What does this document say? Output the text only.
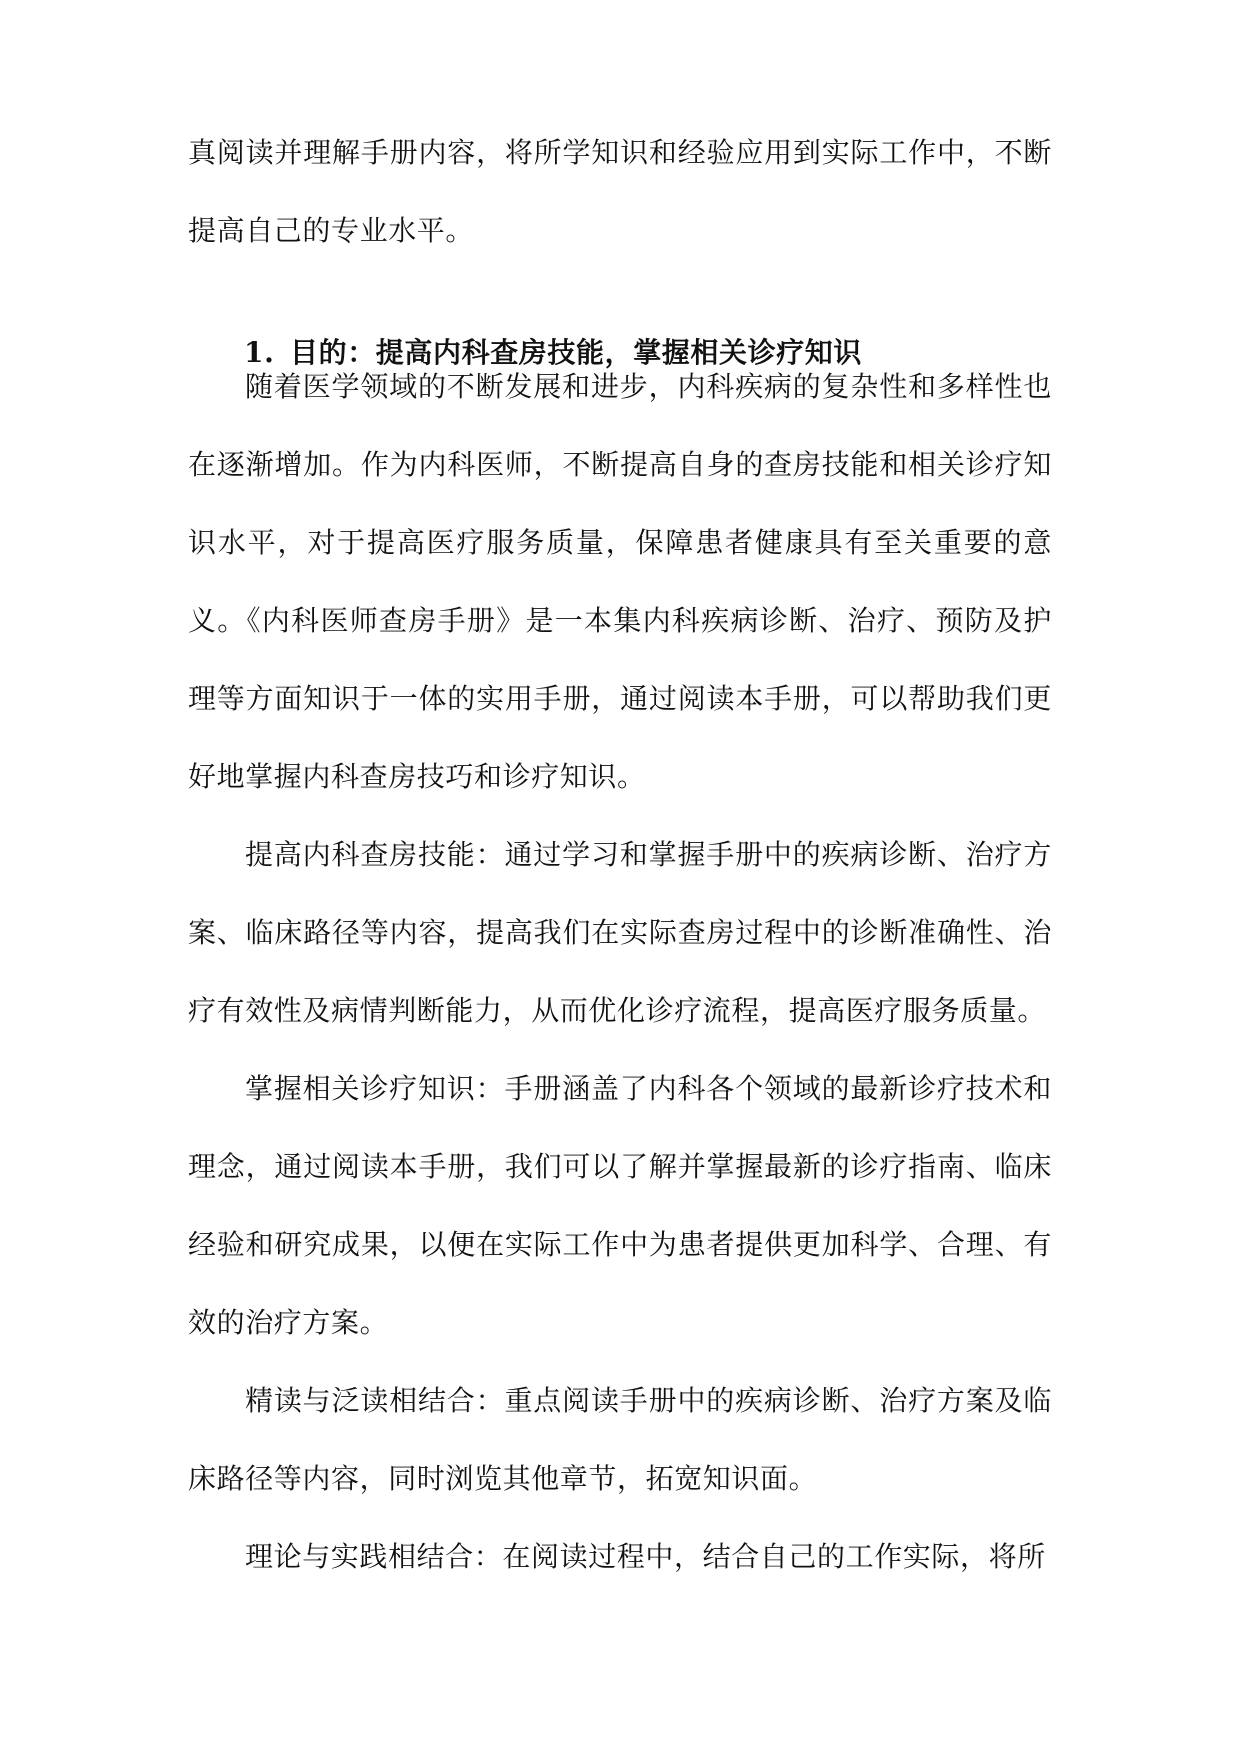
真阅读并理解手册内容，将所学知识和经验应用到实际工作中，不断提高自己的专业水平。

1. 目的：提高内科查房技能，掌握相关诊疗知识

随着医学领域的不断发展和进步，内科疾病的复杂性和多样性也在逐渐增加。作为内科医师，不断提高自身的查房技能和相关诊疗知识水平，对于提高医疗服务质量，保障患者健康具有至关重要的意义。《内科医师查房手册》是一本集内科疾病诊断、治疗、预防及护理等方面知识于一体的实用手册，通过阅读本手册，可以帮助我们更好地掌握内科查房技巧和诊疗知识。

提高内科查房技能：通过学习和掌握手册中的疾病诊断、治疗方案、临床路径等内容，提高我们在实际查房过程中的诊断准确性、治疗有效性及病情判断能力，从而优化诊疗流程，提高医疗服务质量。

掌握相关诊疗知识：手册涵盖了内科各个领域的最新诊疗技术和理念，通过阅读本手册，我们可以了解并掌握最新的诊疗指南、临床经验和研究成果，以便在实际工作中为患者提供更加科学、合理、有效的治疗方案。

精读与泛读相结合：重点阅读手册中的疾病诊断、治疗方案及临床路径等内容，同时浏览其他章节，拓宽知识面。

理论与实践相结合：在阅读过程中，结合自己的工作实际，将所
